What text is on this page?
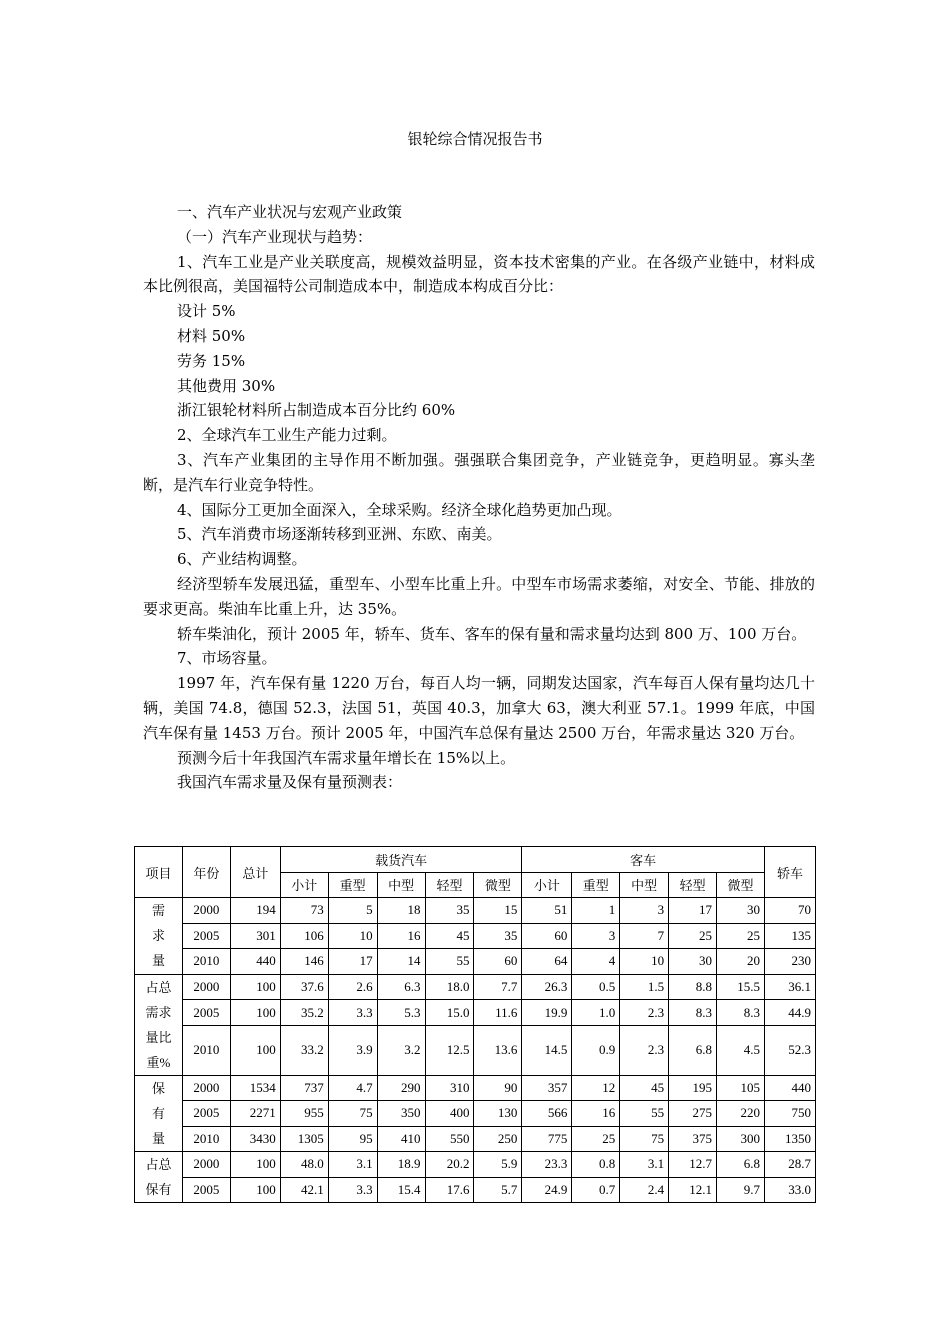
银轮综合情况报告书

一、汽车产业状况与宏观产业政策

（一）汽车产业现状与趋势：

1、汽车工业是产业关联度高，规模效益明显，资本技术密集的产业。在各级产业链中，材料成本比例很高，美国福特公司制造成本中，制造成本构成百分比：

设计 5%

材料 50%

劳务 15%

其他费用 30%

浙江银轮材料所占制造成本百分比约 60%

2、全球汽车工业生产能力过剩。

3、汽车产业集团的主导作用不断加强。强强联合集团竞争，产业链竞争，更趋明显。寡头垄断，是汽车行业竞争特性。

4、国际分工更加全面深入，全球采购。经济全球化趋势更加凸现。

5、汽车消费市场逐渐转移到亚洲、东欧、南美。

6、产业结构调整。

经济型轿车发展迅猛，重型车、小型车比重上升。中型车市场需求萎缩，对安全、节能、排放的要求更高。柴油车比重上升，达 35%。

轿车柴油化，预计 2005 年，轿车、货车、客车的保有量和需求量均达到 800 万、100 万台。

7、市场容量。

1997 年，汽车保有量 1220 万台，每百人均一辆，同期发达国家，汽车每百人保有量均达几十辆，美国 74.8，德国 52.3，法国 51，英国 40.3，加拿大 63，澳大利亚 57.1。1999 年底，中国汽车保有量 1453 万台。预计 2005 年，中国汽车总保有量达 2500 万台，年需求量达 320 万台。

预测今后十年我国汽车需求量年增长在 15%以上。

我国汽车需求量及保有量预测表：

项目	年份	总计	载货汽车					客车					轿车
			小计	重型	中型	轻型	微型	小计	重型	中型	轻型	微型	

需
求
量	2000	194	73	5	18	35	15	51	1	3	17	30	70
	2005	301	106	10	16	45	35	60	3	7	25	25	135
	2010	440	146	17	14	55	60	64	4	10	30	20	230

占总
需求
量比
重%	2000	100	37.6	2.6	6.3	18.0	7.7	26.3	0.5	1.5	8.8	15.5	36.1
	2005	100	35.2	3.3	5.3	15.0	11.6	19.9	1.0	2.3	8.3	8.3	44.9
	2010	100	33.2	3.9	3.2	12.5	13.6	14.5	0.9	2.3	6.8	4.5	52.3

保
有
量	2000	1534	737	4.7	290	310	90	357	12	45	195	105	440
	2005	2271	955	75	350	400	130	566	16	55	275	220	750
	2010	3430	1305	95	410	550	250	775	25	75	375	300	1350

占总
保有	2000	100	48.0	3.1	18.9	20.2	5.9	23.3	0.8	3.1	12.7	6.8	28.7
	2005	100	42.1	3.3	15.4	17.6	5.7	24.9	0.7	2.4	12.1	9.7	33.0
